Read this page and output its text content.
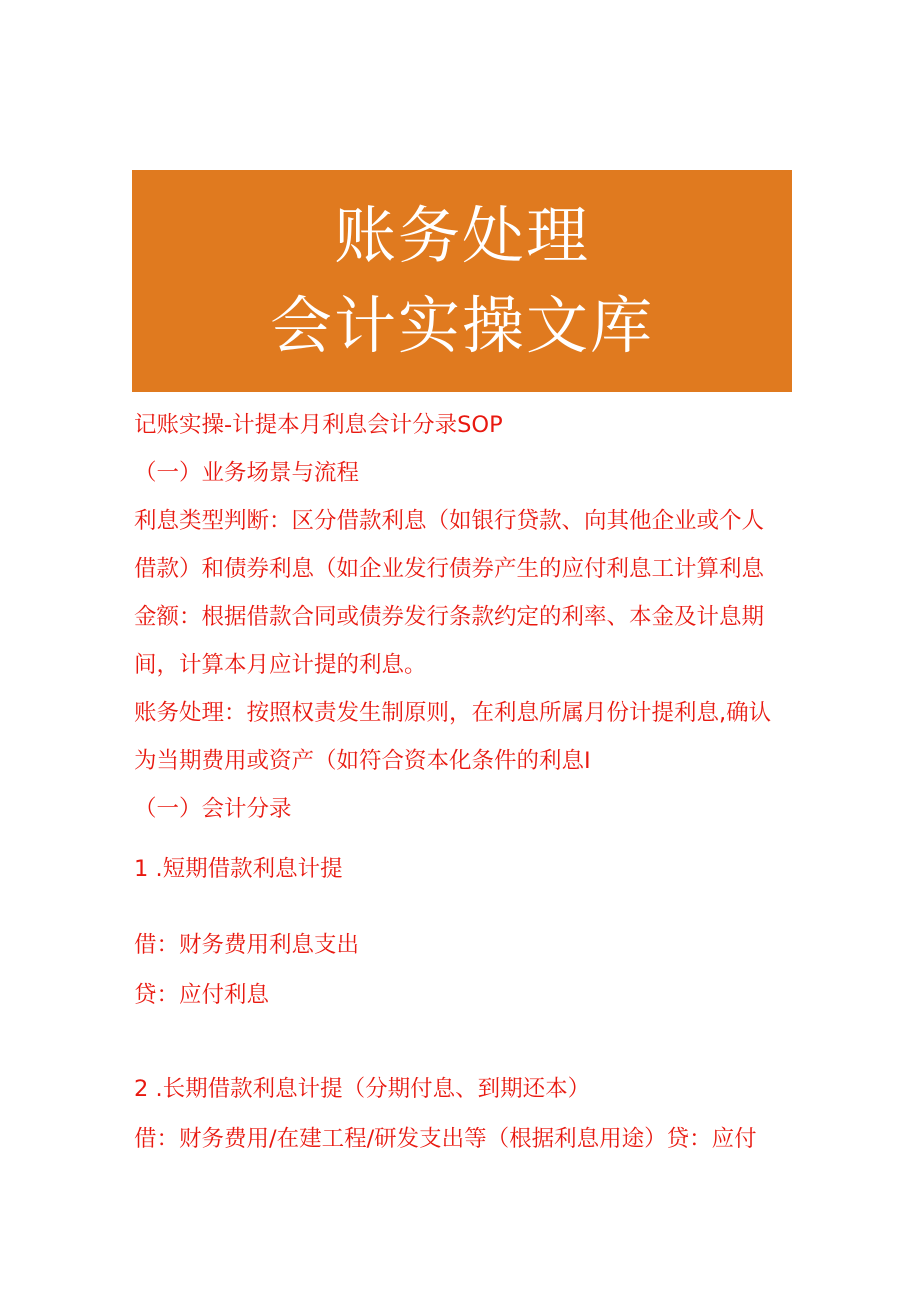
账务处理
会计实操文库
记账实操-计提本月利息会计分录SOP
（一）业务场景与流程
利息类型判断：区分借款利息（如银行贷款、向其他企业或个人
借款）和债券利息（如企业发行债券产生的应付利息工计算利息
金额：根据借款合同或债券发行条款约定的利率、本金及计息期
间，计算本月应计提的利息。
账务处理：按照权责发生制原则，在利息所属月份计提利息,确认
为当期费用或资产（如符合资本化条件的利息I
（一）会计分录
1 .短期借款利息计提
借：财务费用利息支出
贷：应付利息
2 .长期借款利息计提（分期付息、到期还本）
借：财务费用/在建工程/研发支出等（根据利息用途）贷：应付
